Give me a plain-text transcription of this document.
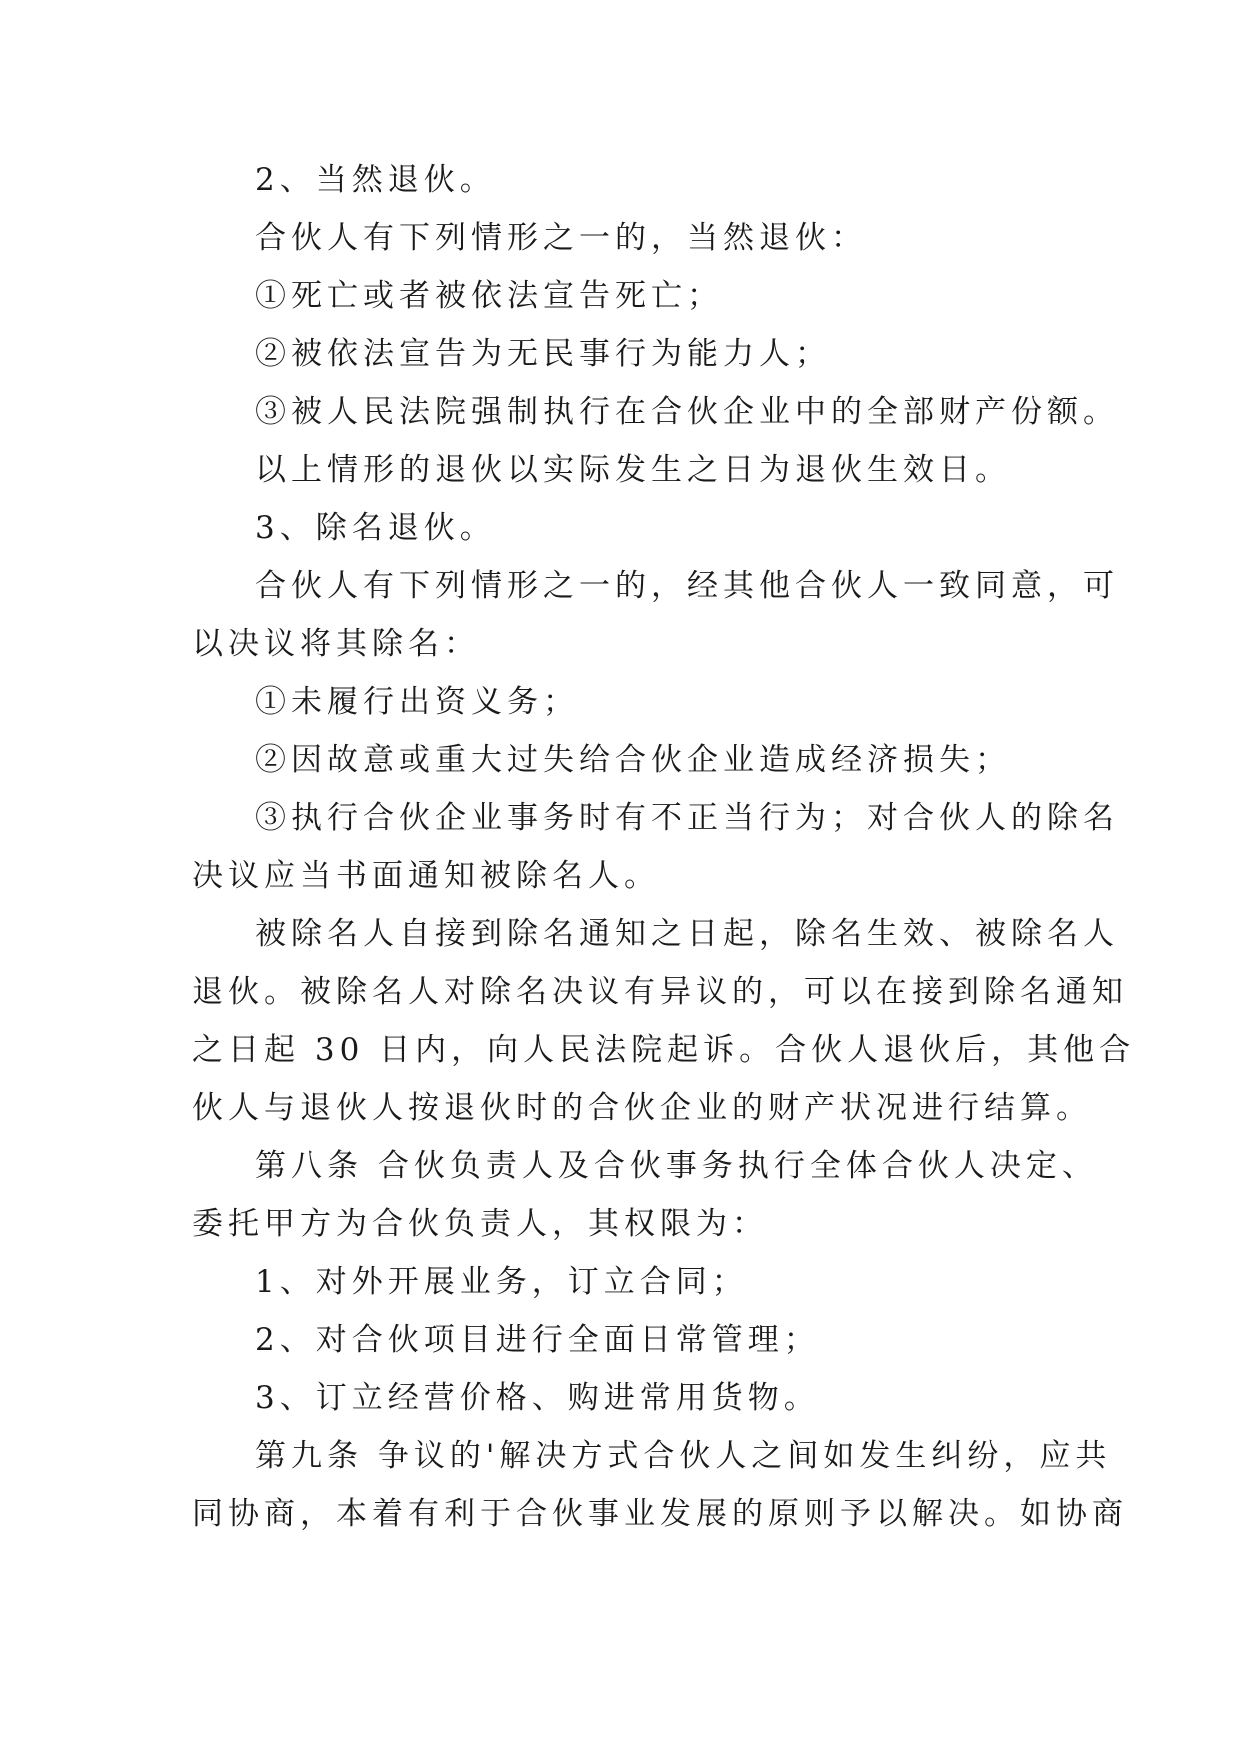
2、当然退伙。
合伙人有下列情形之一的，当然退伙：
①死亡或者被依法宣告死亡；
②被依法宣告为无民事行为能力人；
③被人民法院强制执行在合伙企业中的全部财产份额。
以上情形的退伙以实际发生之日为退伙生效日。
3、除名退伙。
合伙人有下列情形之一的，经其他合伙人一致同意，可
以决议将其除名：
①未履行出资义务；
②因故意或重大过失给合伙企业造成经济损失；
③执行合伙企业事务时有不正当行为；对合伙人的除名
决议应当书面通知被除名人。
被除名人自接到除名通知之日起，除名生效、被除名人
退伙。被除名人对除名决议有异议的，可以在接到除名通知
之日起 30 日内，向人民法院起诉。合伙人退伙后，其他合
伙人与退伙人按退伙时的合伙企业的财产状况进行结算。
第八条 合伙负责人及合伙事务执行全体合伙人决定、
委托甲方为合伙负责人，其权限为：
1、对外开展业务，订立合同；
2、对合伙项目进行全面日常管理；
3、订立经营价格、购进常用货物。
第九条 争议的'解决方式合伙人之间如发生纠纷，应共
同协商，本着有利于合伙事业发展的原则予以解决。如协商
